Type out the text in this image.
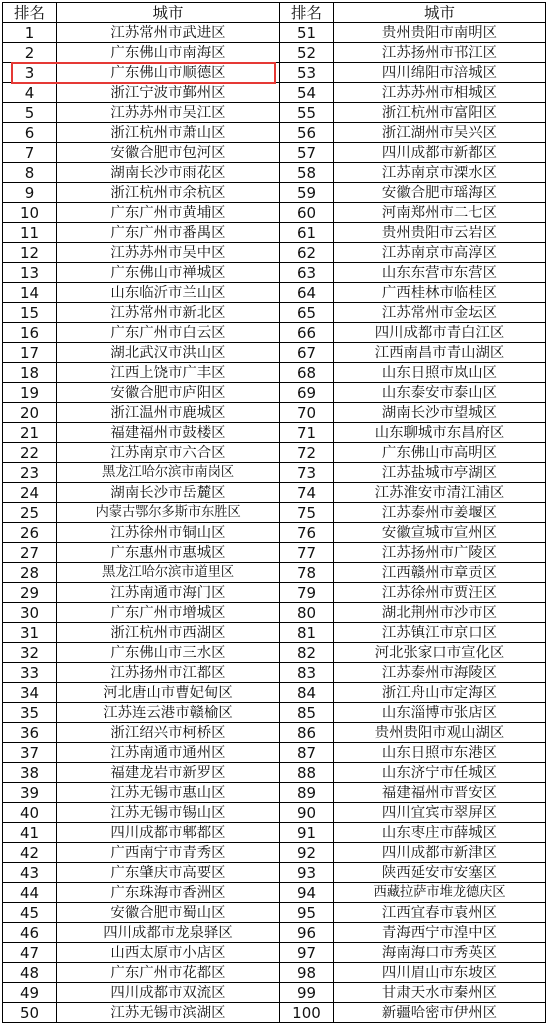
排名	城市	排名	城市
1	江苏常州市武进区	51	贵州贵阳市南明区
2	广东佛山市南海区	52	江苏扬州市邗江区
3	广东佛山市顺德区	53	四川绵阳市涪城区
4	浙江宁波市鄞州区	54	江苏苏州市相城区
5	江苏苏州市吴江区	55	浙江杭州市富阳区
6	浙江杭州市萧山区	56	浙江湖州市吴兴区
7	安徽合肥市包河区	57	四川成都市新都区
8	湖南长沙市雨花区	58	江苏南京市溧水区
9	浙江杭州市余杭区	59	安徽合肥市瑶海区
10	广东广州市黄埔区	60	河南郑州市二七区
11	广东广州市番禺区	61	贵州贵阳市云岩区
12	江苏苏州市吴中区	62	江苏南京市高淳区
13	广东佛山市禅城区	63	山东东营市东营区
14	山东临沂市兰山区	64	广西桂林市临桂区
15	江苏常州市新北区	65	江苏常州市金坛区
16	广东广州市白云区	66	四川成都市青白江区
17	湖北武汉市洪山区	67	江西南昌市青山湖区
18	江西上饶市广丰区	68	山东日照市岚山区
19	安徽合肥市庐阳区	69	山东泰安市泰山区
20	浙江温州市鹿城区	70	湖南长沙市望城区
21	福建福州市鼓楼区	71	山东聊城市东昌府区
22	江苏南京市六合区	72	广东佛山市高明区
23	黑龙江哈尔滨市南岗区	73	江苏盐城市亭湖区
24	湖南长沙市岳麓区	74	江苏淮安市清江浦区
25	内蒙古鄂尔多斯市东胜区	75	江苏泰州市姜堰区
26	江苏徐州市铜山区	76	安徽宣城市宣州区
27	广东惠州市惠城区	77	江苏扬州市广陵区
28	黑龙江哈尔滨市道里区	78	江西赣州市章贡区
29	江苏南通市海门区	79	江苏徐州市贾汪区
30	广东广州市增城区	80	湖北荆州市沙市区
31	浙江杭州市西湖区	81	江苏镇江市京口区
32	广东佛山市三水区	82	河北张家口市宣化区
33	江苏扬州市江都区	83	江苏泰州市海陵区
34	河北唐山市曹妃甸区	84	浙江舟山市定海区
35	江苏连云港市赣榆区	85	山东淄博市张店区
36	浙江绍兴市柯桥区	86	贵州贵阳市观山湖区
37	江苏南通市通州区	87	山东日照市东港区
38	福建龙岩市新罗区	88	山东济宁市任城区
39	江苏无锡市惠山区	89	福建福州市晋安区
40	江苏无锡市锡山区	90	四川宜宾市翠屏区
41	四川成都市郫都区	91	山东枣庄市薛城区
42	广西南宁市青秀区	92	四川成都市新津区
43	广东肇庆市高要区	93	陕西延安市安塞区
44	广东珠海市香洲区	94	西藏拉萨市堆龙德庆区
45	安徽合肥市蜀山区	95	江西宜春市袁州区
46	四川成都市龙泉驿区	96	青海西宁市湟中区
47	山西太原市小店区	97	海南海口市秀英区
48	广东广州市花都区	98	四川眉山市东坡区
49	四川成都市双流区	99	甘肃天水市秦州区
50	江苏无锡市滨湖区	100	新疆哈密市伊州区
